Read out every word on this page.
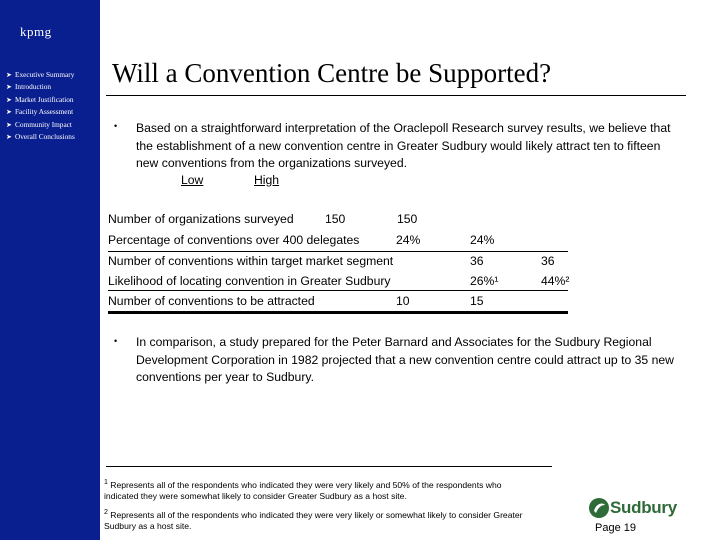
kpmg
➤ Executive Summary
➤ Introduction
➤ Market Justification
➤ Facility Assessment
➤ Community Impact
➤ Overall Conclusions
Will a Convention Centre be Supported?
• Based on a straightforward interpretation of the Oraclepoll Research survey results, we believe that the establishment of a new convention centre in Greater Sudbury would likely attract ten to fifteen new conventions from the organizations surveyed.
Low	High
Number of organizations surveyed	150	150
Percentage of conventions over 400 delegates	24%	24%
Number of conventions within target market segment	36	36
Likelihood of locating convention in Greater Sudbury	26%¹	44%²
Number of conventions to be attracted	10	15
• In comparison, a study prepared for the Peter Barnard and Associates for the Sudbury Regional Development Corporation in 1982 projected that a new convention centre could attract up to 35 new conventions per year to Sudbury.
$^1$ Represents all of the respondents who indicated they were very likely and 50% of the respondents who indicated they were somewhat likely to consider Greater Sudbury as a host site.
$^2$ Represents all of the respondents who indicated they were very likely or somewhat likely to consider Greater Sudbury as a host site.
Sudbury
Page 19
